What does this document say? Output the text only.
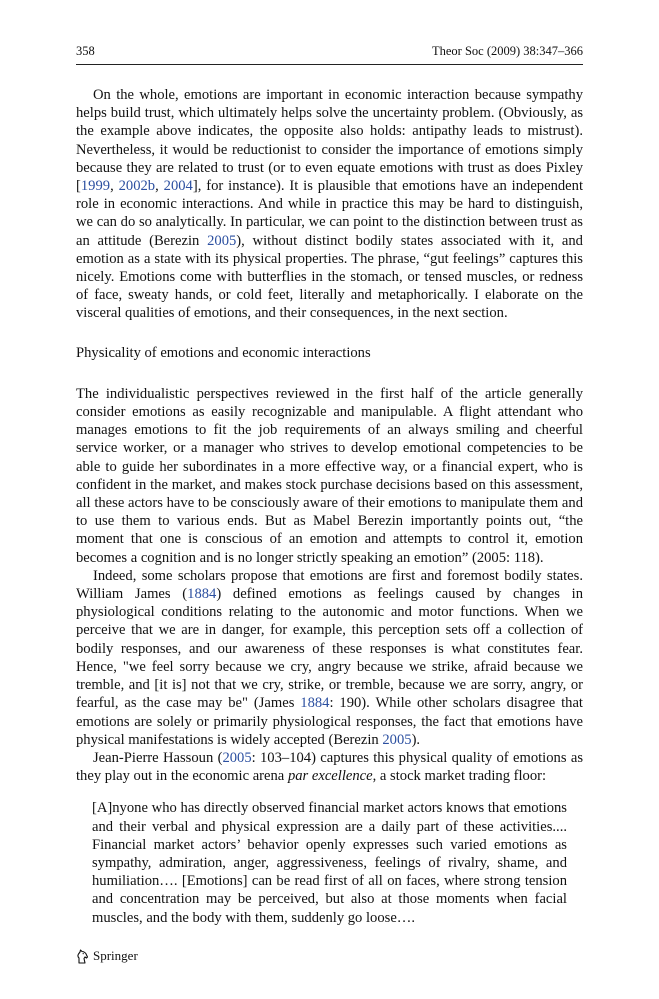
358	Theor Soc (2009) 38:347–366

On the whole, emotions are important in economic interaction because sympathy helps build trust, which ultimately helps solve the uncertainty problem. (Obviously, as the example above indicates, the opposite also holds: antipathy leads to mistrust). Nevertheless, it would be reductionist to consider the importance of emotions simply because they are related to trust (or to even equate emotions with trust as does Pixley [1999, 2002b, 2004], for instance). It is plausible that emotions have an independent role in economic interactions. And while in practice this may be hard to distinguish, we can do so analytically. In particular, we can point to the distinction between trust as an attitude (Berezin 2005), without distinct bodily states associated with it, and emotion as a state with its physical properties. The phrase, “gut feelings” captures this nicely. Emotions come with butterflies in the stomach, or tensed muscles, or redness of face, sweaty hands, or cold feet, literally and metaphorically. I elaborate on the visceral qualities of emotions, and their consequences, in the next section.

Physicality of emotions and economic interactions

The individualistic perspectives reviewed in the first half of the article generally consider emotions as easily recognizable and manipulable. A flight attendant who manages emotions to fit the job requirements of an always smiling and cheerful service worker, or a manager who strives to develop emotional competencies to be able to guide her subordinates in a more effective way, or a financial expert, who is confident in the market, and makes stock purchase decisions based on this assessment, all these actors have to be consciously aware of their emotions to manipulate them and to use them to various ends. But as Mabel Berezin importantly points out, “the moment that one is conscious of an emotion and attempts to control it, emotion becomes a cognition and is no longer strictly speaking an emotion” (2005: 118).

Indeed, some scholars propose that emotions are first and foremost bodily states. William James (1884) defined emotions as feelings caused by changes in physiological conditions relating to the autonomic and motor functions. When we perceive that we are in danger, for example, this perception sets off a collection of bodily responses, and our awareness of these responses is what constitutes fear. Hence, "we feel sorry because we cry, angry because we strike, afraid because we tremble, and [it is] not that we cry, strike, or tremble, because we are sorry, angry, or fearful, as the case may be" (James 1884: 190). While other scholars disagree that emotions are solely or primarily physiological responses, the fact that emotions have physical manifestations is widely accepted (Berezin 2005).

Jean-Pierre Hassoun (2005: 103–104) captures this physical quality of emotions as they play out in the economic arena par excellence, a stock market trading floor:

[A]nyone who has directly observed financial market actors knows that emotions and their verbal and physical expression are a daily part of these activities.... Financial market actors’ behavior openly expresses such varied emotions as sympathy, admiration, anger, aggressiveness, feelings of rivalry, shame, and humiliation…. [Emotions] can be read first of all on faces, where strong tension and concentration may be perceived, but also at those moments when facial muscles, and the body with them, suddenly go loose….

Springer
